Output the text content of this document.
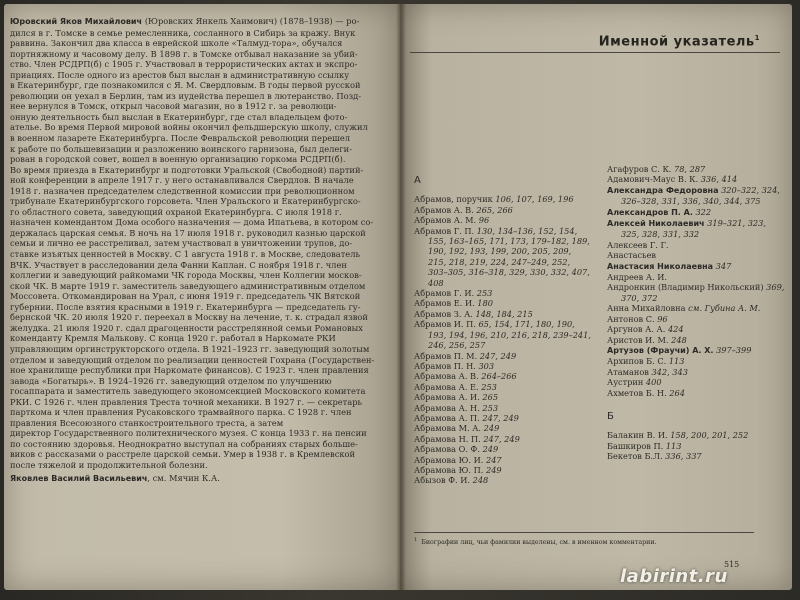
Юровский Яков Михайлович (Юровских Янкель Хаимович) (1878–1938) — ро-
дился в г. Томске в семье ремесленника, сосланного в Сибирь за кражу. Внук
раввина. Закончил два класса в еврейской школе «Талмуд-тора», обучался
портняжному и часовому делу. В 1898 г. в Томске отбывал наказание за убий-
ство. Член РСДРП(б) с 1905 г. Участвовал в террористических актах и экспро-
приациях. После одного из арестов был выслан в административную ссылку
в Екатеринбург, где познакомился с Я. М. Свердловым. В годы первой русской
революции он уехал в Берлин, там из иудейства перешел в лютеранство. Позд-
нее вернулся в Томск, открыл часовой магазин, но в 1912 г. за революци-
онную деятельность был выслан в Екатеринбург, где стал владельцем фото-
ателье. Во время Первой мировой войны окончил фельдшерскую школу, служил
в военном лазарете Екатеринбурга. После Февральской революции перешел
к работе по большевизации и разложению воинского гарнизона, был делеги-
рован в городской совет, вошел в военную организацию горкома РСДРП(б).
Во время приезда в Екатеринбург и подготовки Уральской (Свободной) партий-
ной конференции в апреле 1917 г. у него останавливался Свердлов. В начале
1918 г. назначен председателем следственной комиссии при революционном
трибунале Екатеринбургского горсовета. Член Уральского и Екатеринбургско-
го областного совета, заведующий охраной Екатеринбурга. С июля 1918 г.
назначен комендантом Дома особого назначения — дома Ипатьева, в котором со-
держалась царская семья. В ночь на 17 июля 1918 г. руководил казнью царской
семьи и лично ее расстреливал, затем участвовал в уничтожении трупов, до-
ставке изъятых ценностей в Москву. С 1 августа 1918 г. в Москве, следователь
ВЧК. Участвует в расследовании дела Фанни Каплан. С ноября 1918 г. член
коллегии и заведующий райкомами ЧК города Москвы, член Коллегии москов-
ской ЧК. В марте 1919 г. заместитель заведующего административным отделом
Моссовета. Откомандирован на Урал, с июня 1919 г. председатель ЧК Вятской
губернии. После взятия красными в 1919 г. Екатеринбурга — председатель гу-
бернской ЧК. 20 июля 1920 г. переехал в Москву на лечение, т. к. страдал язвой
желудка. 21 июля 1920 г. сдал драгоценности расстрелянной семьи Романовых
коменданту Кремля Малькову. С конца 1920 г. работал в Наркомате РКИ
управляющим оргинструкторского отдела. В 1921–1923 гг. заведующий золотым
отделом и заведующий отделом по реализации ценностей Гохрана (Государствен-
ное хранилище республики при Наркомате финансов). С 1923 г. член правления
завода «Богатырь». В 1924–1926 гг. заведующий отделом по улучшению
госаппарата и заместитель заведующего экономсекцией Московского комитета
РКИ. С 1926 г. член правления Треста точной механики. В 1927 г. — секретарь
парткома и член правления Русаковского трамвайного парка. С 1928 г. член
правления Всесоюзного станкостроительного треста, а затем
директор Государственного политехнического музея. С конца 1933 г. на пенсии
по состоянию здоровья. Неоднократно выступал на собраниях старых больше-
виков с рассказами о расстреле царской семьи. Умер в 1938 г. в Кремлевской
после тяжелой и продолжительной болезни.
Яковлев Василий Васильевич, см. Мячин К.А.
Именной указатель$^1$
А
Абрамов, поручик 106, 107, 169, 196
Абрамов А. В. 265, 266
Абрамов А. М. 96
Абрамов Г. П. 130, 134–136, 152, 154, 155, 163–165, 171, 173, 179–182, 189, 190, 192, 193, 199, 200, 205, 209, 215, 218, 219, 224, 247–249, 252, 303–305, 316–318, 329, 330, 332, 407, 408
Абрамов Г. И. 253
Абрамов Е. И. 180
Абрамов З. А. 148, 184, 215
Абрамов И. П. 65, 154, 171, 180, 190, 193, 194, 196, 210, 216, 218, 239–241, 246, 256, 257
Абрамов П. М. 247, 249
Абрамов П. Н. 303
Абрамова А. В. 264–266
Абрамова А. Е. 253
Абрамова А. И. 265
Абрамова А. Н. 253
Абрамова А. П. 247, 249
Абрамова М. А. 249
Абрамова Н. П. 247, 249
Абрамова О. Ф. 249
Абрамова Ю. И. 247
Абрамова Ю. П. 249
Абызов Ф. И. 248
Агафуров С. К. 78, 287
Адамович-Маус В. К. 336, 414
Александра Федоровна 320–322, 324, 326–328, 331, 336, 340, 344, 375
Александров П. А. 322
Алексей Николаевич 319–321, 323, 325, 328, 331, 332
Алексеев Г. Г.
Анастасьев
Анастасия Николаевна 347
Андреев А. И.
Андронкин (Владимир Никольский) 369, 370, 372
Анна Михайловна см. Губина А. М.
Антонов С. 96
Аргунов А. А. 424
Аристов И. М. 248
Артузов (Фраучи) А. Х. 397–399
Архипов Б. С. 113
Атаманов 342, 343
Аустрин 400
Ахметов Б. Н. 264
Б
Балакин В. И. 158, 200, 201, 252
Башкиров П. 113
Бекетов Б.Л. 336, 337
$^1$ Биографии лиц, чьи фамилии выделены, см. в именном комментарии.
515
labirint.ru
